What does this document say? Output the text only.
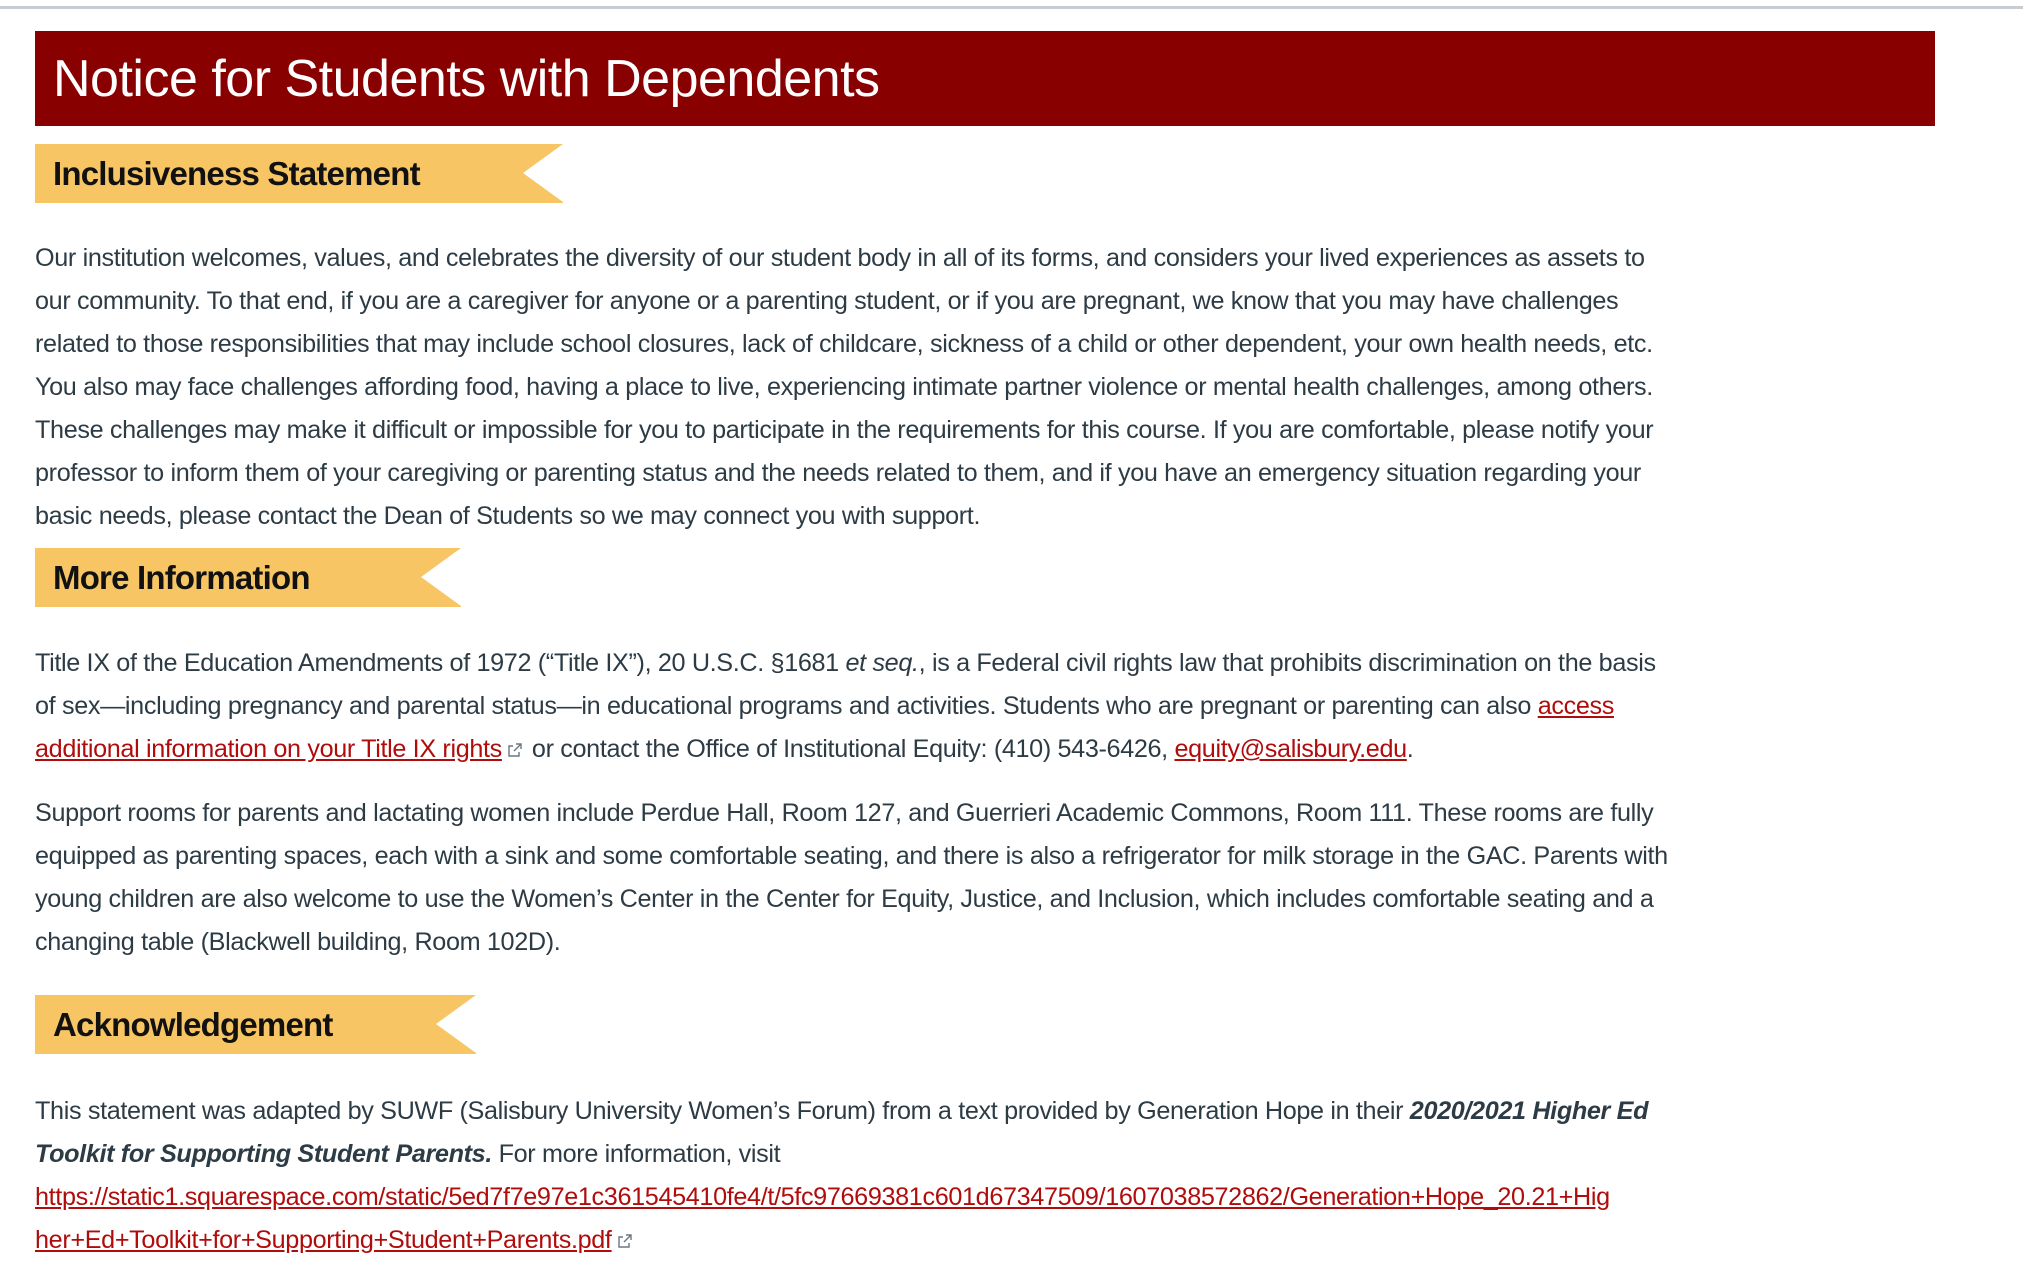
Notice for Students with Dependents
Inclusiveness Statement
Our institution welcomes, values, and celebrates the diversity of our student body in all of its forms, and considers your lived experiences as assets to
our community. To that end, if you are a caregiver for anyone or a parenting student, or if you are pregnant, we know that you may have challenges
related to those responsibilities that may include school closures, lack of childcare, sickness of a child or other dependent, your own health needs, etc.
You also may face challenges affording food, having a place to live, experiencing intimate partner violence or mental health challenges, among others.
These challenges may make it difficult or impossible for you to participate in the requirements for this course. If you are comfortable, please notify your
professor to inform them of your caregiving or parenting status and the needs related to them, and if you have an emergency situation regarding your
basic needs, please contact the Dean of Students so we may connect you with support.
More Information
Title IX of the Education Amendments of 1972 (“Title IX”), 20 U.S.C. §1681 et seq., is a Federal civil rights law that prohibits discrimination on the basis
of sex—including pregnancy and parental status—in educational programs and activities. Students who are pregnant or parenting can also access
additional information on your Title IX rights or contact the Office of Institutional Equity: (410) 543-6426, equity@salisbury.edu.
Support rooms for parents and lactating women include Perdue Hall, Room 127, and Guerrieri Academic Commons, Room 111. These rooms are fully
equipped as parenting spaces, each with a sink and some comfortable seating, and there is also a refrigerator for milk storage in the GAC. Parents with
young children are also welcome to use the Women’s Center in the Center for Equity, Justice, and Inclusion, which includes comfortable seating and a
changing table (Blackwell building, Room 102D).
Acknowledgement
This statement was adapted by SUWF (Salisbury University Women’s Forum) from a text provided by Generation Hope in their 2020/2021 Higher Ed
Toolkit for Supporting Student Parents. For more information, visit
https://static1.squarespace.com/static/5ed7f7e97e1c361545410fe4/t/5fc97669381c601d67347509/1607038572862/Generation+Hope_20.21+Hig
her+Ed+Toolkit+for+Supporting+Student+Parents.pdf
